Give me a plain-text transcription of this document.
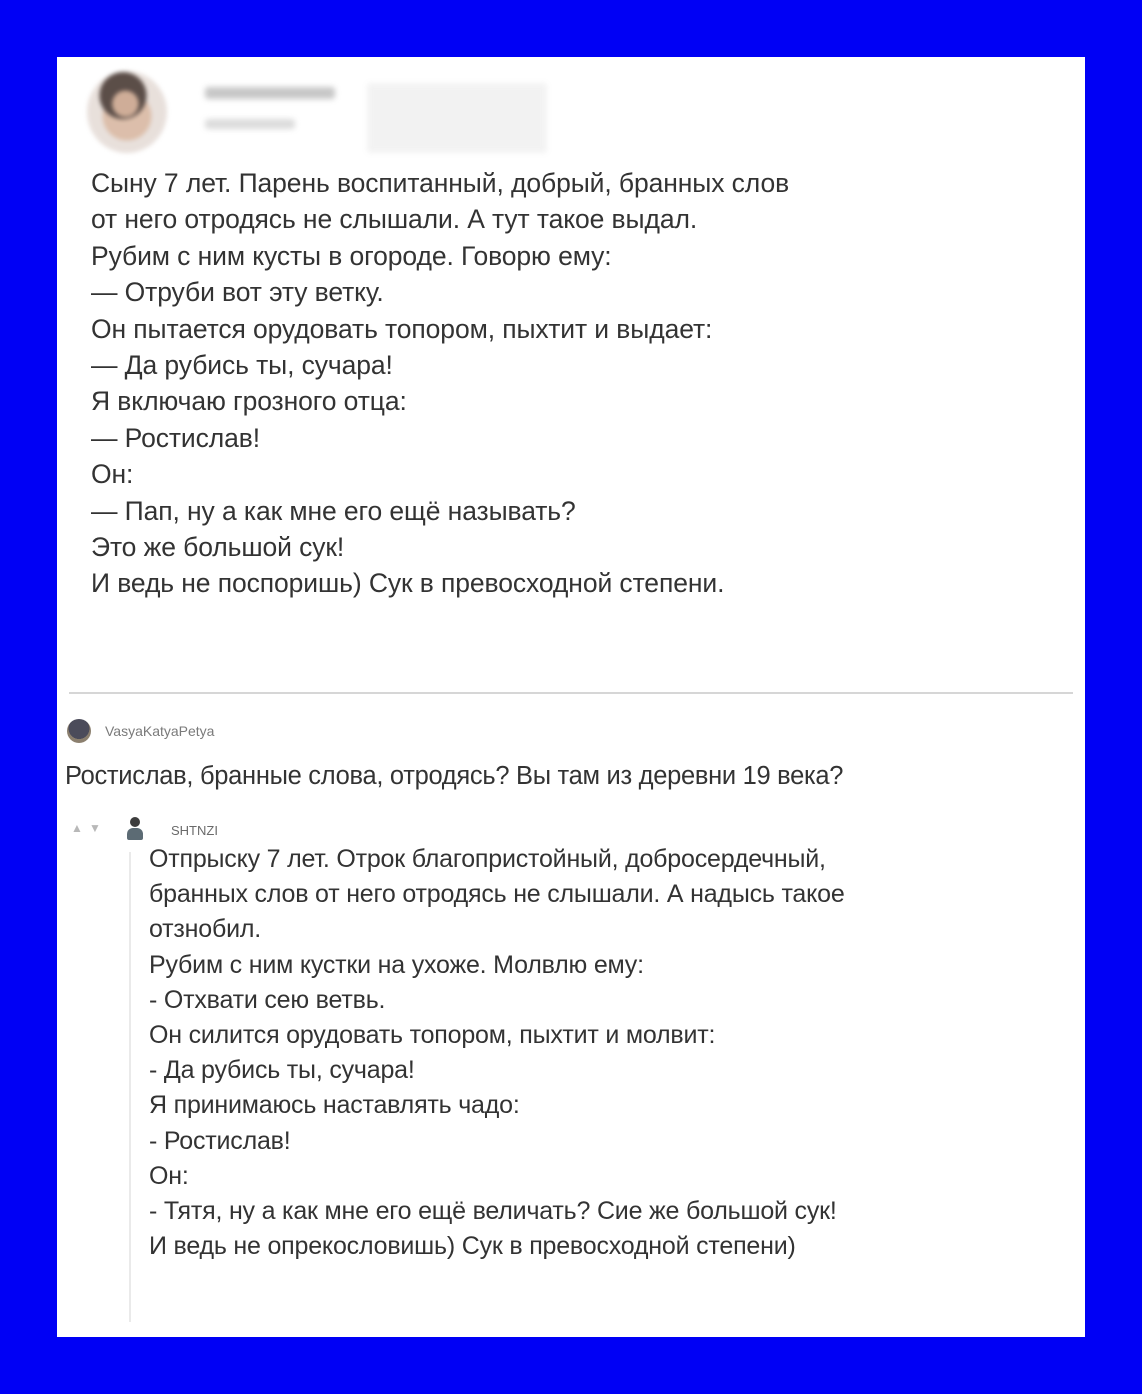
Сыну 7 лет. Парень воспитанный, добрый, бранных слов
от него отродясь не слышали. А тут такое выдал.
Рубим с ним кусты в огороде. Говорю ему:
— Отруби вот эту ветку.
Он пытается орудовать топором, пыхтит и выдает:
— Да рубись ты, сучара!
Я включаю грозного отца:
— Ростислав!
Он:
— Пап, ну а как мне его ещё называть?
Это же большой сук!
И ведь не поспоришь) Сук в превосходной степени.
VasyaKatyaPetya
Ростислав, бранные слова, отродясь? Вы там из деревни 19 века?
▲ ▼	SHTNZI
Отпрыску 7 лет. Отрок благопристойный, добросердечный,
бранных слов от него отродясь не слышали. А надысь такое
отзнобил.
Рубим с ним кустки на ухоже. Молвлю ему:
- Отхвати сею ветвь.
Он силится орудовать топором, пыхтит и молвит:
- Да рубись ты, сучара!
Я принимаюсь наставлять чадо:
- Ростислав!
Он:
- Тятя, ну а как мне его ещё величать? Сие же большой сук!
И ведь не опрекословишь) Сук в превосходной степени)
